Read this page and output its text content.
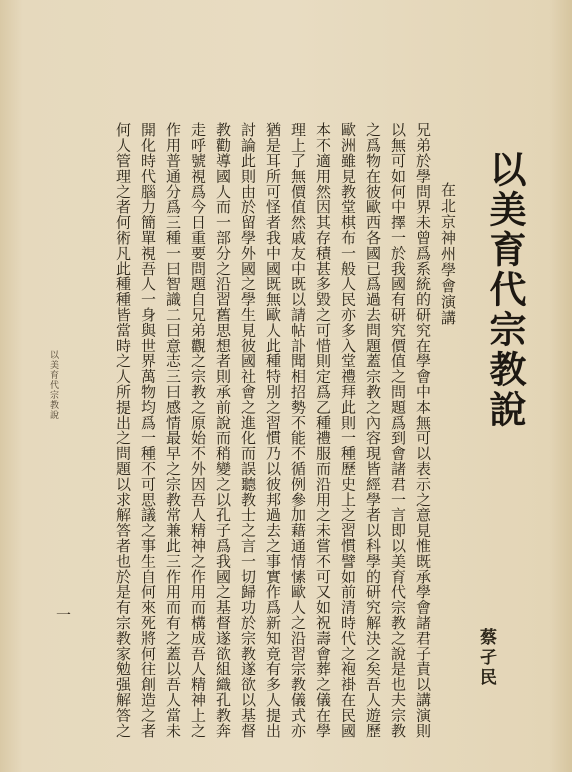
以美育代宗教說
蔡孑民
在北京神州學會演講
兄弟於學問界未曾爲系統的研究在學會中本無可以表示之意見惟既承學會諸君子責以講演則
以無可如何中擇一於我國有研究價值之問題爲到會諸君一言即以美育代宗教之說是也夫宗教
之爲物在彼歐西各國已爲過去問題蓋宗教之內容現皆經學者以科學的研究解決之矣吾人遊歷
歐洲雖見教堂棋布一般人民亦多入堂禮拜此則一種歷史上之習慣譬如前清時代之袍褂在民國
本不適用然因其存積甚多毀之可惜則定爲乙種禮服而沿用之未嘗不可又如祝壽會葬之儀在學
理上了無價值然戚友中既以請帖訃聞相招勢不能不循例參加藉通情愫歐人之沿習宗教儀式亦
猶是耳所可怪者我中國既無歐人此種特別之習慣乃以彼邦過去之事實作爲新知竟有多人提出
討論此則由於留學外國之學生見彼國社會之進化而誤聽教士之言一切歸功於宗教遂欲以基督
教勸導國人而一部分之沿習舊思想者則承前說而稍變之以孔子爲我國之基督遂欲組織孔教奔
走呼號視爲今日重要問題自兄弟觀之宗教之原始不外因吾人精神之作用而構成吾人精神上之
作用普通分爲三種一曰智識二曰意志三曰感情最早之宗教常兼此三作用而有之蓋以吾人當未
開化時代腦力簡單視吾人一身與世界萬物均爲一種不可思議之事生自何來死將何往創造之者
何人管理之者何術凡此種種皆當時之人所提出之問題以求解答者也於是有宗教家勉强解答之
以美育代宗教說
一
